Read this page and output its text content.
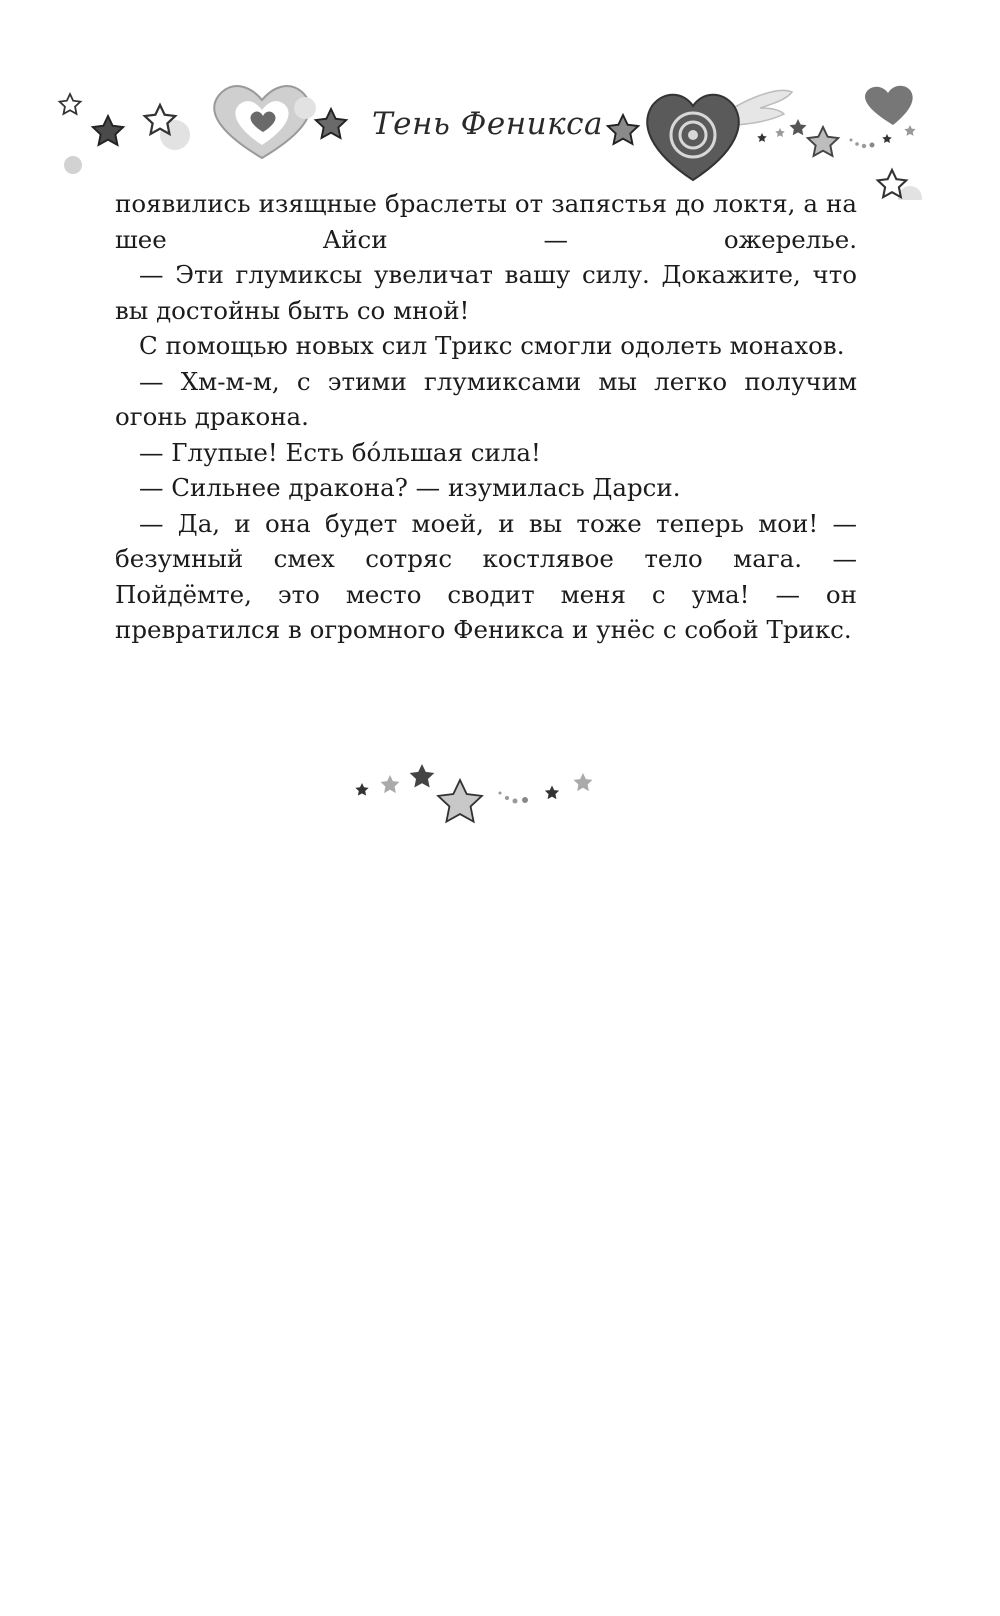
Тень Феникса

появились изящные браслеты от запястья до локтя, а на шее Айси — ожерелье.

— Эти глумиксы увеличат вашу силу. Докажите, что вы достойны быть со мной!

С помощью новых сил Трикс смогли одолеть монахов.

— Хм-м-м, с этими глумиксами мы легко получим огонь дракона.

— Глупые! Есть бóльшая сила!

— Сильнее дракона? — изумилась Дарси.

— Да, и она будет моей, и вы тоже теперь мои! — безумный смех сотряс костлявое тело мага. — Пойдёмте, это место сводит меня с ума! — он превратился в огромного Феникса и унёс с собой Трикс.
